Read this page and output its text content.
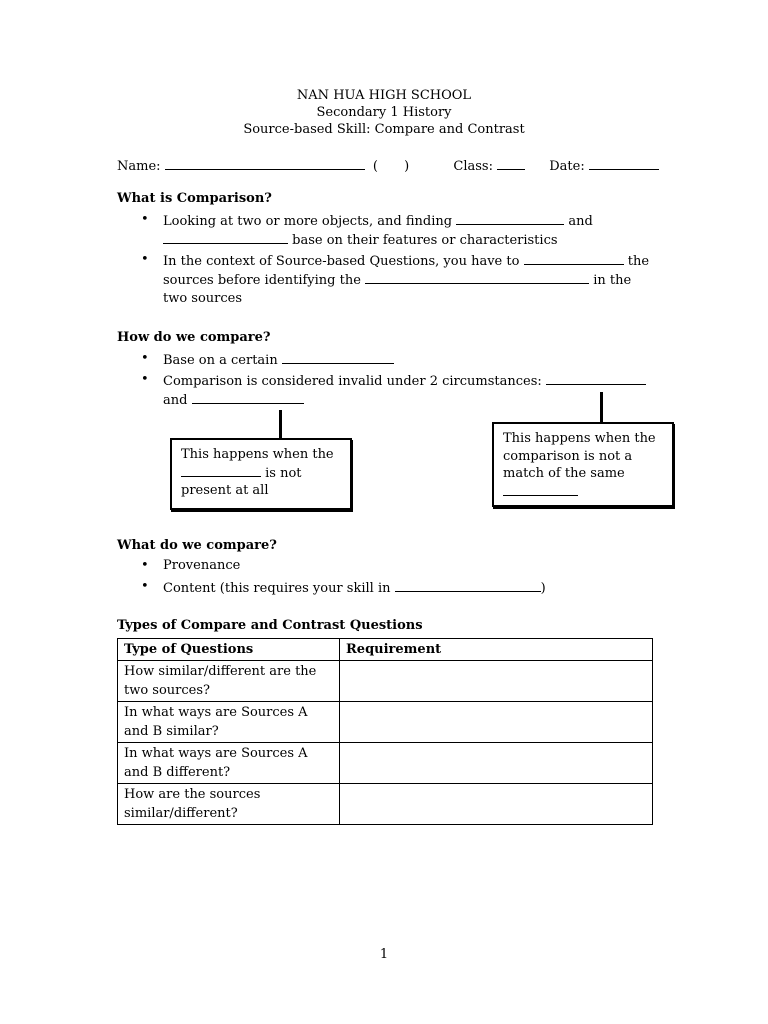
NAN HUA HIGH SCHOOL
Secondary 1 History
Source-based Skill: Compare and Contrast
Name:	( )	Class:	Date:
What is Comparison?
• Looking at two or more objects, and finding	and
base on their features or characteristics
• In the context of Source-based Questions, you have to	the
sources before identifying the	in the
two sources
How do we compare?
• Base on a certain
• Comparison is considered invalid under 2 circumstances:
and
This happens when the
is not
present at all
This happens when the
comparison is not a
match of the same
What do we compare?
• Provenance
• Content (this requires your skill in	)
Types of Compare and Contrast Questions
Type of Questions	Requirement

How similar/different are the
two sources?	

In what ways are Sources A
and B similar?	

In what ways are Sources A
and B different?	

How are the sources
similar/different?	

1
